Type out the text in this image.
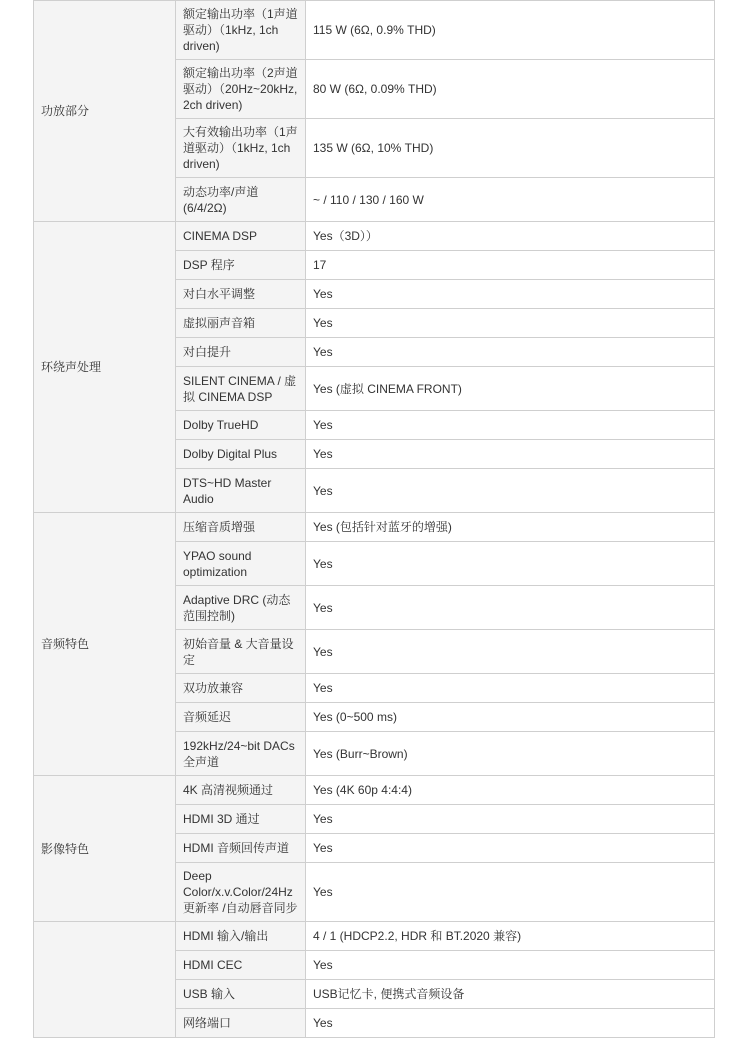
功放部分	额定输出功率（1声道驱动）（1kHz, 1ch driven)	115 W (6Ω, 0.9% THD)
	额定输出功率（2声道驱动）（20Hz~20kHz, 2ch driven)	80 W (6Ω, 0.09% THD)
	大有效输出功率（1声道驱动）（1kHz, 1ch driven)	135 W (6Ω, 10% THD)
	动态功率/声道 (6/4/2Ω)	~ / 110 / 130 / 160 W
环绕声处理	CINEMA DSP	Yes（3D））
	DSP 程序	17
	对白水平调整	Yes
	虚拟丽声音箱	Yes
	对白提升	Yes
	SILENT CINEMA / 虚拟 CINEMA DSP	Yes (虚拟 CINEMA FRONT)
	Dolby TrueHD	Yes
	Dolby Digital Plus	Yes
	DTS~HD Master Audio	Yes
音频特色	压缩音质增强	Yes (包括针对蓝牙的增强)
	YPAO sound optimization	Yes
	Adaptive DRC (动态范围控制)	Yes
	初始音量 & 大音量设定	Yes
	双功放兼容	Yes
	音频延迟	Yes (0~500 ms)
	192kHz/24~bit DACs 全声道	Yes (Burr~Brown)
影像特色	4K 高清视频通过	Yes (4K 60p 4:4:4)
	HDMI 3D 通过	Yes
	HDMI 音频回传声道	Yes
	Deep Color/x.v.Color/24Hz 更新率 /自动唇音同步	Yes
	HDMI 输入/输出	4 / 1 (HDCP2.2, HDR 和 BT.2020 兼容)
	HDMI CEC	Yes
	USB 输入	USB记忆卡, 便携式音频设备
	网络端口	Yes
